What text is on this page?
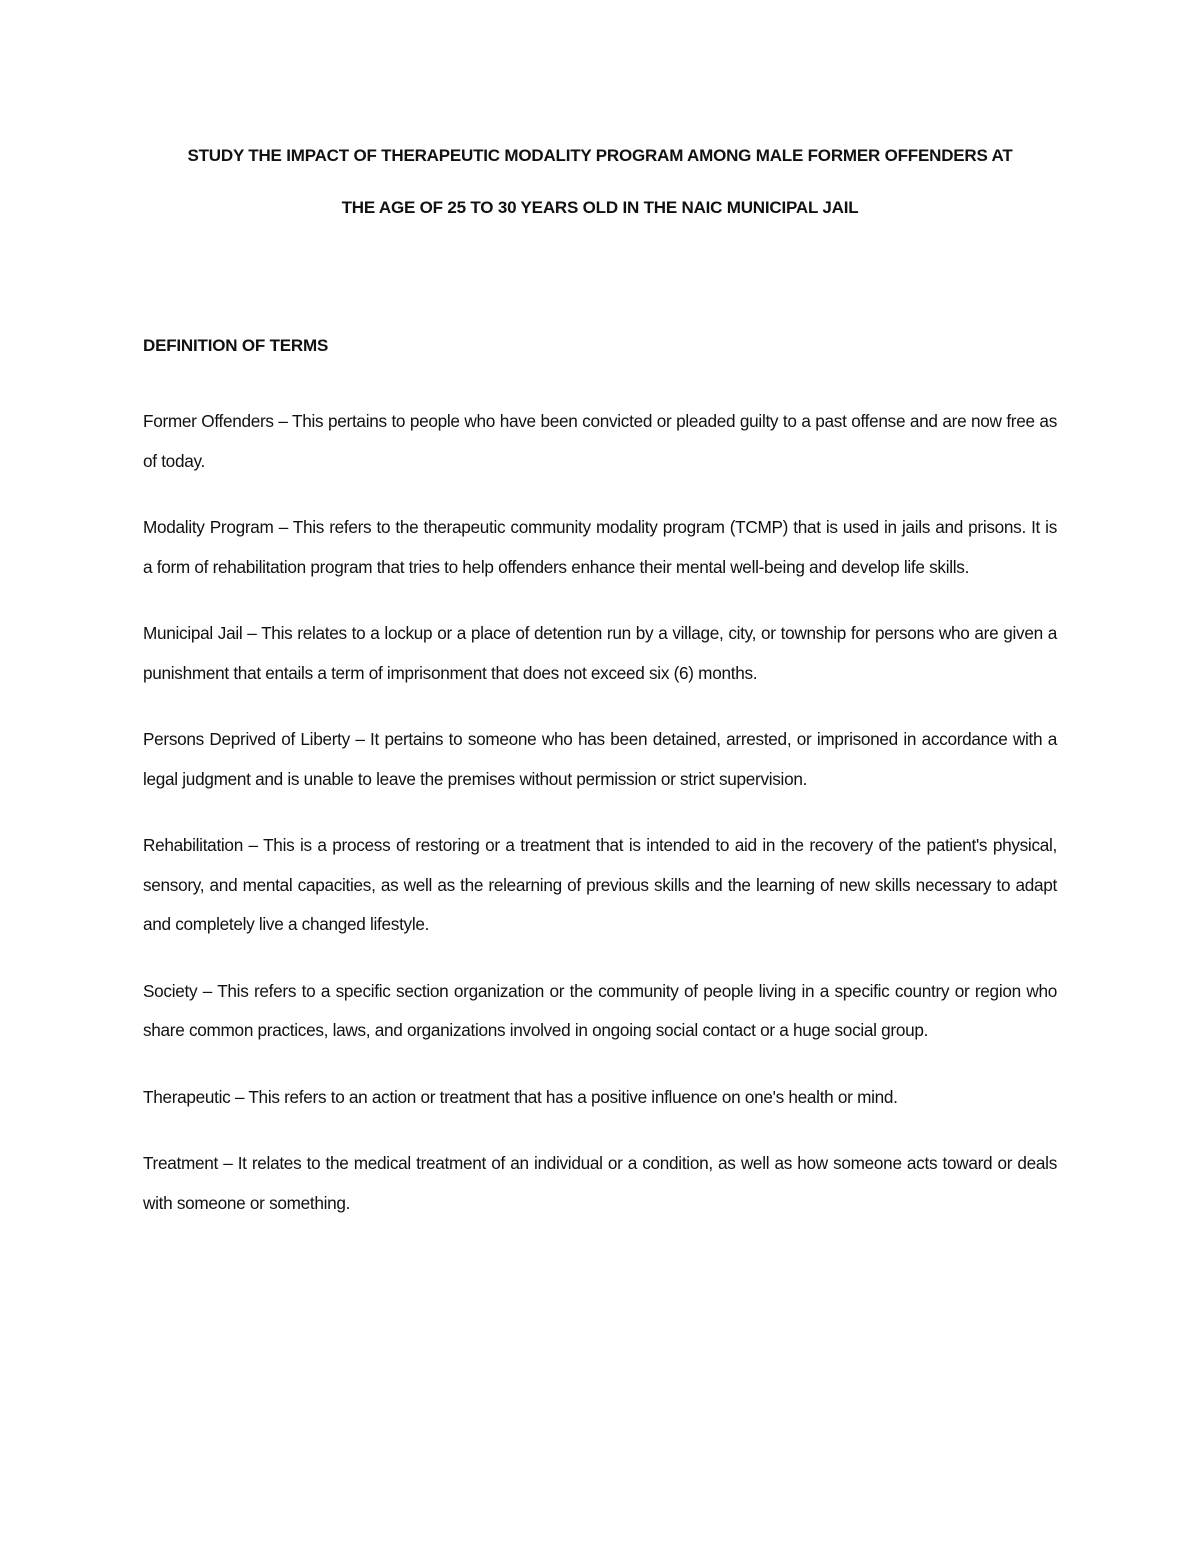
STUDY THE IMPACT OF THERAPEUTIC MODALITY PROGRAM AMONG MALE FORMER OFFENDERS AT
THE AGE OF 25 TO 30 YEARS OLD IN THE NAIC MUNICIPAL JAIL
DEFINITION OF TERMS

Former Offenders – This pertains to people who have been convicted or pleaded guilty to a past offense and are now free as of today.

Modality Program – This refers to the therapeutic community modality program (TCMP) that is used in jails and prisons. It is a form of rehabilitation program that tries to help offenders enhance their mental well-being and develop life skills.

Municipal Jail – This relates to a lockup or a place of detention run by a village, city, or township for persons who are given a punishment that entails a term of imprisonment that does not exceed six (6) months.

Persons Deprived of Liberty – It pertains to someone who has been detained, arrested, or imprisoned in accordance with a legal judgment and is unable to leave the premises without permission or strict supervision.

Rehabilitation – This is a process of restoring or a treatment that is intended to aid in the recovery of the patient's physical, sensory, and mental capacities, as well as the relearning of previous skills and the learning of new skills necessary to adapt and completely live a changed lifestyle.

Society – This refers to a specific section organization or the community of people living in a specific country or region who share common practices, laws, and organizations involved in ongoing social contact or a huge social group.

Therapeutic – This refers to an action or treatment that has a positive influence on one's health or mind.

Treatment – It relates to the medical treatment of an individual or a condition, as well as how someone acts toward or deals with someone or something.
